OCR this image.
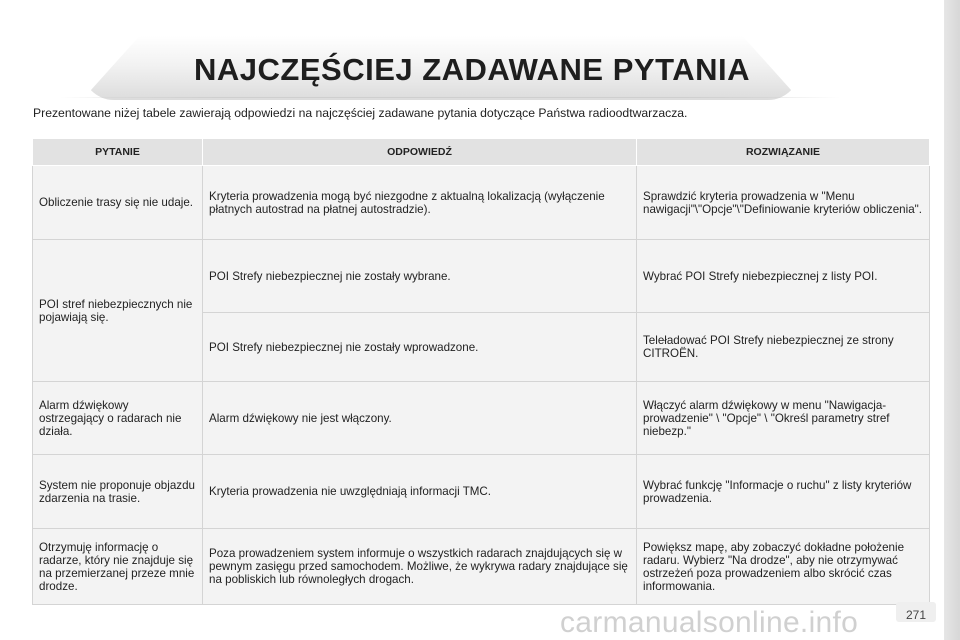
NAJCZĘŚCIEJ ZADAWANE PYTANIA
Prezentowane niżej tabele zawierają odpowiedzi na najczęściej zadawane pytania dotyczące Państwa radioodtwarzacza.
PYTANIE	ODPOWIEDŹ	ROZWIĄZANIE
Obliczenie trasy się nie udaje.	Kryteria prowadzenia mogą być niezgodne z aktualną lokalizacją (wyłączenie płatnych autostrad na płatnej autostradzie).	Sprawdzić kryteria prowadzenia w "Menu nawigacji"\"Opcje"\"Definiowanie kryteriów obliczenia".
POI stref niebezpiecznych nie pojawiają się.	POI Strefy niebezpiecznej nie zostały wybrane.	Wybrać POI Strefy niebezpiecznej z listy POI.
	POI Strefy niebezpiecznej nie zostały wprowadzone.	Teleładować POI Strefy niebezpiecznej ze strony CITROËN.
Alarm dźwiękowy ostrzegający o radarach nie działa.	Alarm dźwiękowy nie jest włączony.	Włączyć alarm dźwiękowy w menu "Nawigacja-prowadzenie" \ "Opcje" \ "Określ parametry stref niebezp."
System nie proponuje objazdu zdarzenia na trasie.	Kryteria prowadzenia nie uwzględniają informacji TMC.	Wybrać funkcję "Informacje o ruchu" z listy kryteriów prowadzenia.
Otrzymuję informację o radarze, który nie znajduje się na przemierzanej przeze mnie drodze.	Poza prowadzeniem system informuje o wszystkich radarach znajdujących się w pewnym zasięgu przed samochodem. Możliwe, że wykrywa radary znajdujące się na pobliskich lub równoległych drogach.	Powiększ mapę, aby zobaczyć dokładne położenie radaru. Wybierz "Na drodze", aby nie otrzymywać ostrzeżeń poza prowadzeniem albo skrócić czas informowania.
carmanualsonline.info	271
